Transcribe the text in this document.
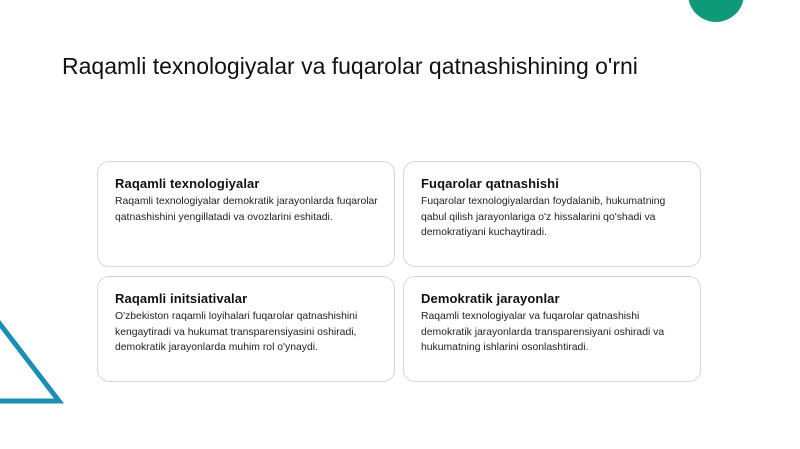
Raqamli texnologiyalar va fuqarolar qatnashishining o'rni

Raqamli texnologiyalar

Raqamli texnologiyalar demokratik jarayonlarda fuqarolar qatnashishini yengillatadi va ovozlarini eshitadi.

Fuqarolar qatnashishi

Fuqarolar texnologiyalardan foydalanib, hukumatning qabul qilish jarayonlariga o'z hissalarini qo'shadi va demokratiyani kuchaytiradi.

Raqamli initsiativalar

O'zbekiston raqamli loyihalari fuqarolar qatnashishini kengaytiradi va hukumat transparensiyasini oshiradi, demokratik jarayonlarda muhim rol o'ynaydi.

Demokratik jarayonlar

Raqamli texnologiyalar va fuqarolar qatnashishi demokratik jarayonlarda transparensiyani oshiradi va hukumatning ishlarini osonlashtiradi.
